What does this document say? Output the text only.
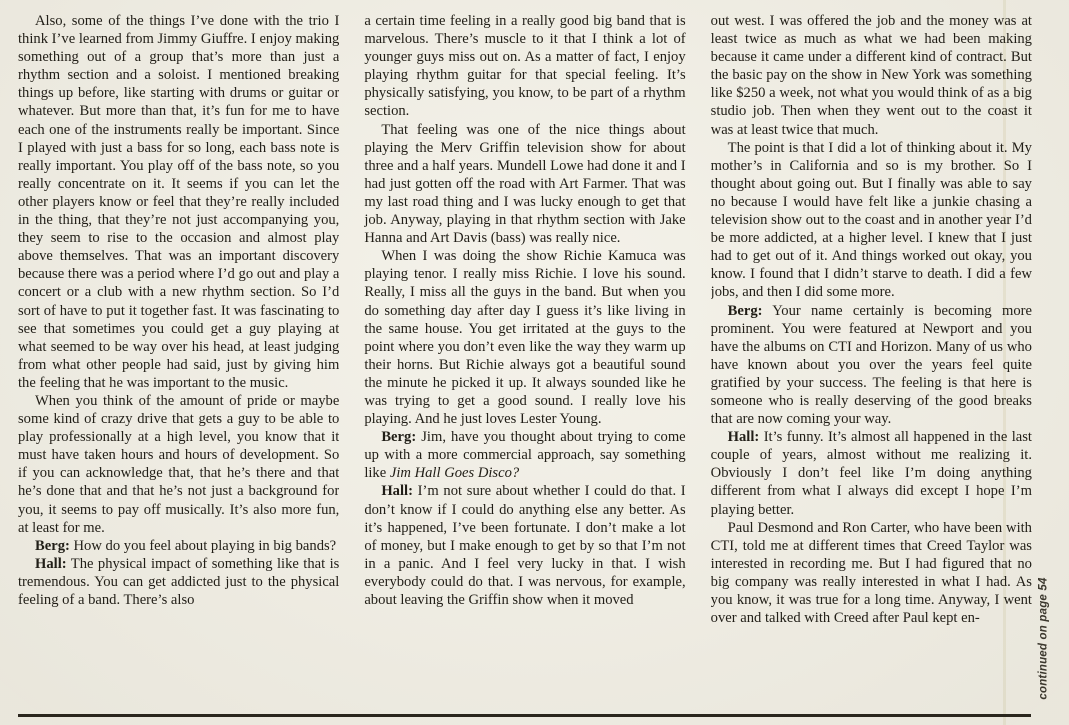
Also, some of the things I’ve done with the trio I think I’ve learned from Jimmy Giuffre. I enjoy making something out of a group that’s more than just a rhythm section and a soloist. I mentioned breaking things up before, like starting with drums or guitar or whatever. But more than that, it’s fun for me to have each one of the instruments really be important. Since I played with just a bass for so long, each bass note is really important. You play off of the bass note, so you really concentrate on it. It seems if you can let the other players know or feel that they’re really included in the thing, that they’re not just accompanying you, they seem to rise to the occasion and almost play above themselves. That was an important discovery because there was a period where I’d go out and play a concert or a club with a new rhythm section. So I’d sort of have to put it together fast. It was fascinating to see that sometimes you could get a guy playing at what seemed to be way over his head, at least judging from what other people had said, just by giving him the feeling that he was important to the music.

When you think of the amount of pride or maybe some kind of crazy drive that gets a guy to be able to play professionally at a high level, you know that it must have taken hours and hours of development. So if you can acknowledge that, that he’s there and that he’s done that and that he’s not just a background for you, it seems to pay off musically. It’s also more fun, at least for me.

Berg: How do you feel about playing in big bands?

Hall: The physical impact of something like that is tremendous. You can get addicted just to the physical feeling of a band. There’s also

a certain time feeling in a really good big band that is marvelous. There’s muscle to it that I think a lot of younger guys miss out on. As a matter of fact, I enjoy playing rhythm guitar for that special feeling. It’s physically satisfying, you know, to be part of a rhythm section.

That feeling was one of the nice things about playing the Merv Griffin television show for about three and a half years. Mundell Lowe had done it and I had just gotten off the road with Art Farmer. That was my last road thing and I was lucky enough to get that job. Anyway, playing in that rhythm section with Jake Hanna and Art Davis (bass) was really nice.

When I was doing the show Richie Kamuca was playing tenor. I really miss Richie. I love his sound. Really, I miss all the guys in the band. But when you do something day after day I guess it’s like living in the same house. You get irritated at the guys to the point where you don’t even like the way they warm up their horns. But Richie always got a beautiful sound the minute he picked it up. It always sounded like he was trying to get a good sound. I really love his playing. And he just loves Lester Young.

Berg: Jim, have you thought about trying to come up with a more commercial approach, say something like Jim Hall Goes Disco?

Hall: I’m not sure about whether I could do that. I don’t know if I could do anything else any better. As it’s happened, I’ve been fortunate. I don’t make a lot of money, but I make enough to get by so that I’m not in a panic. And I feel very lucky in that. I wish everybody could do that. I was nervous, for example, about leaving the Griffin show when it moved

out west. I was offered the job and the money was at least twice as much as what we had been making because it came under a different kind of contract. But the basic pay on the show in New York was something like $250 a week, not what you would think of as a big studio job. Then when they went out to the coast it was at least twice that much.

The point is that I did a lot of thinking about it. My mother’s in California and so is my brother. So I thought about going out. But I finally was able to say no because I would have felt like a junkie chasing a television show out to the coast and in another year I’d be more addicted, at a higher level. I knew that I just had to get out of it. And things worked out okay, you know. I found that I didn’t starve to death. I did a few jobs, and then I did some more.

Berg: Your name certainly is becoming more prominent. You were featured at Newport and you have the albums on CTI and Horizon. Many of us who have known about you over the years feel quite gratified by your success. The feeling is that here is someone who is really deserving of the good breaks that are now coming your way.

Hall: It’s funny. It’s almost all happened in the last couple of years, almost without me realizing it. Obviously I don’t feel like I’m doing anything different from what I always did except I hope I’m playing better.

Paul Desmond and Ron Carter, who have been with CTI, told me at different times that Creed Taylor was interested in recording me. But I had figured that no big company was really interested in what I had. As you know, it was true for a long time. Anyway, I went over and talked with Creed after Paul kept en-	continued on page 54
